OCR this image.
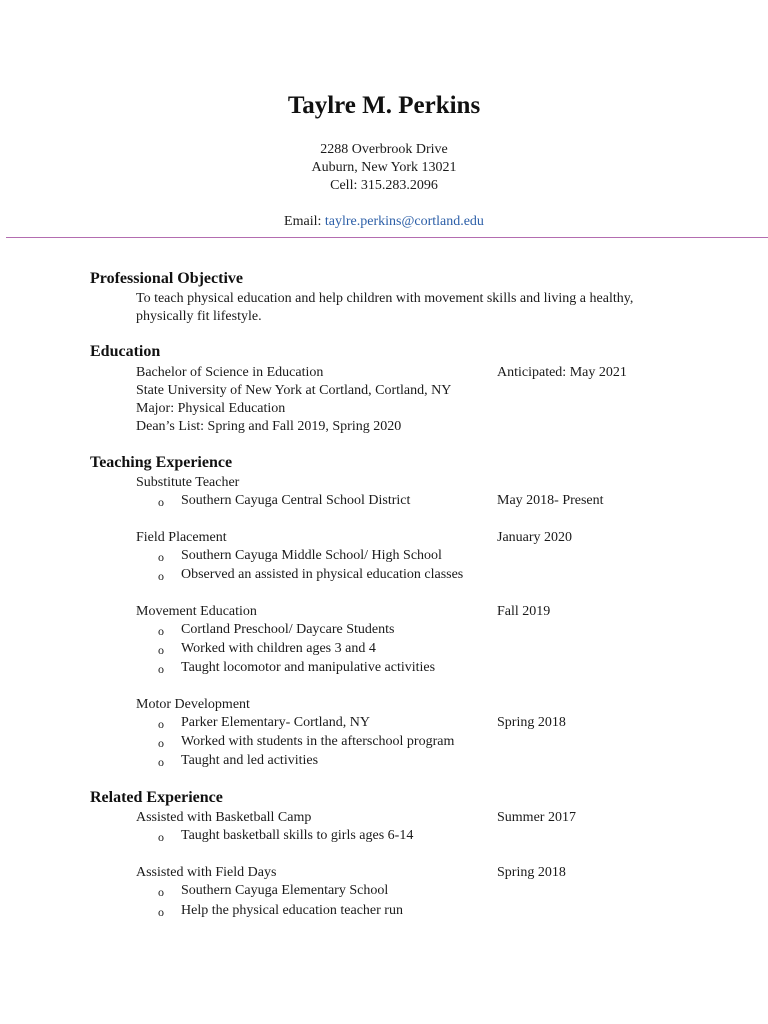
Taylre M. Perkins
2288 Overbrook Drive
Auburn, New York 13021
Cell: 315.283.2096
Email: taylre.perkins@cortland.edu
Professional Objective
To teach physical education and help children with movement skills and living a healthy,
physically fit lifestyle.
Education
Bachelor of Science in Education	Anticipated: May 2021
State University of New York at Cortland, Cortland, NY
Major: Physical Education
Dean’s List: Spring and Fall 2019, Spring 2020
Teaching Experience
Substitute Teacher
o Southern Cayuga Central School District	May 2018- Present
Field Placement	January 2020
o Southern Cayuga Middle School/ High School
o Observed an assisted in physical education classes
Movement Education	Fall 2019
o Cortland Preschool/ Daycare Students
o Worked with children ages 3 and 4
o Taught locomotor and manipulative activities
Motor Development
o Parker Elementary- Cortland, NY	Spring 2018
o Worked with students in the afterschool program
o Taught and led activities
Related Experience
Assisted with Basketball Camp	Summer 2017
o Taught basketball skills to girls ages 6-14
Assisted with Field Days	Spring 2018
o Southern Cayuga Elementary School
o Help the physical education teacher run
